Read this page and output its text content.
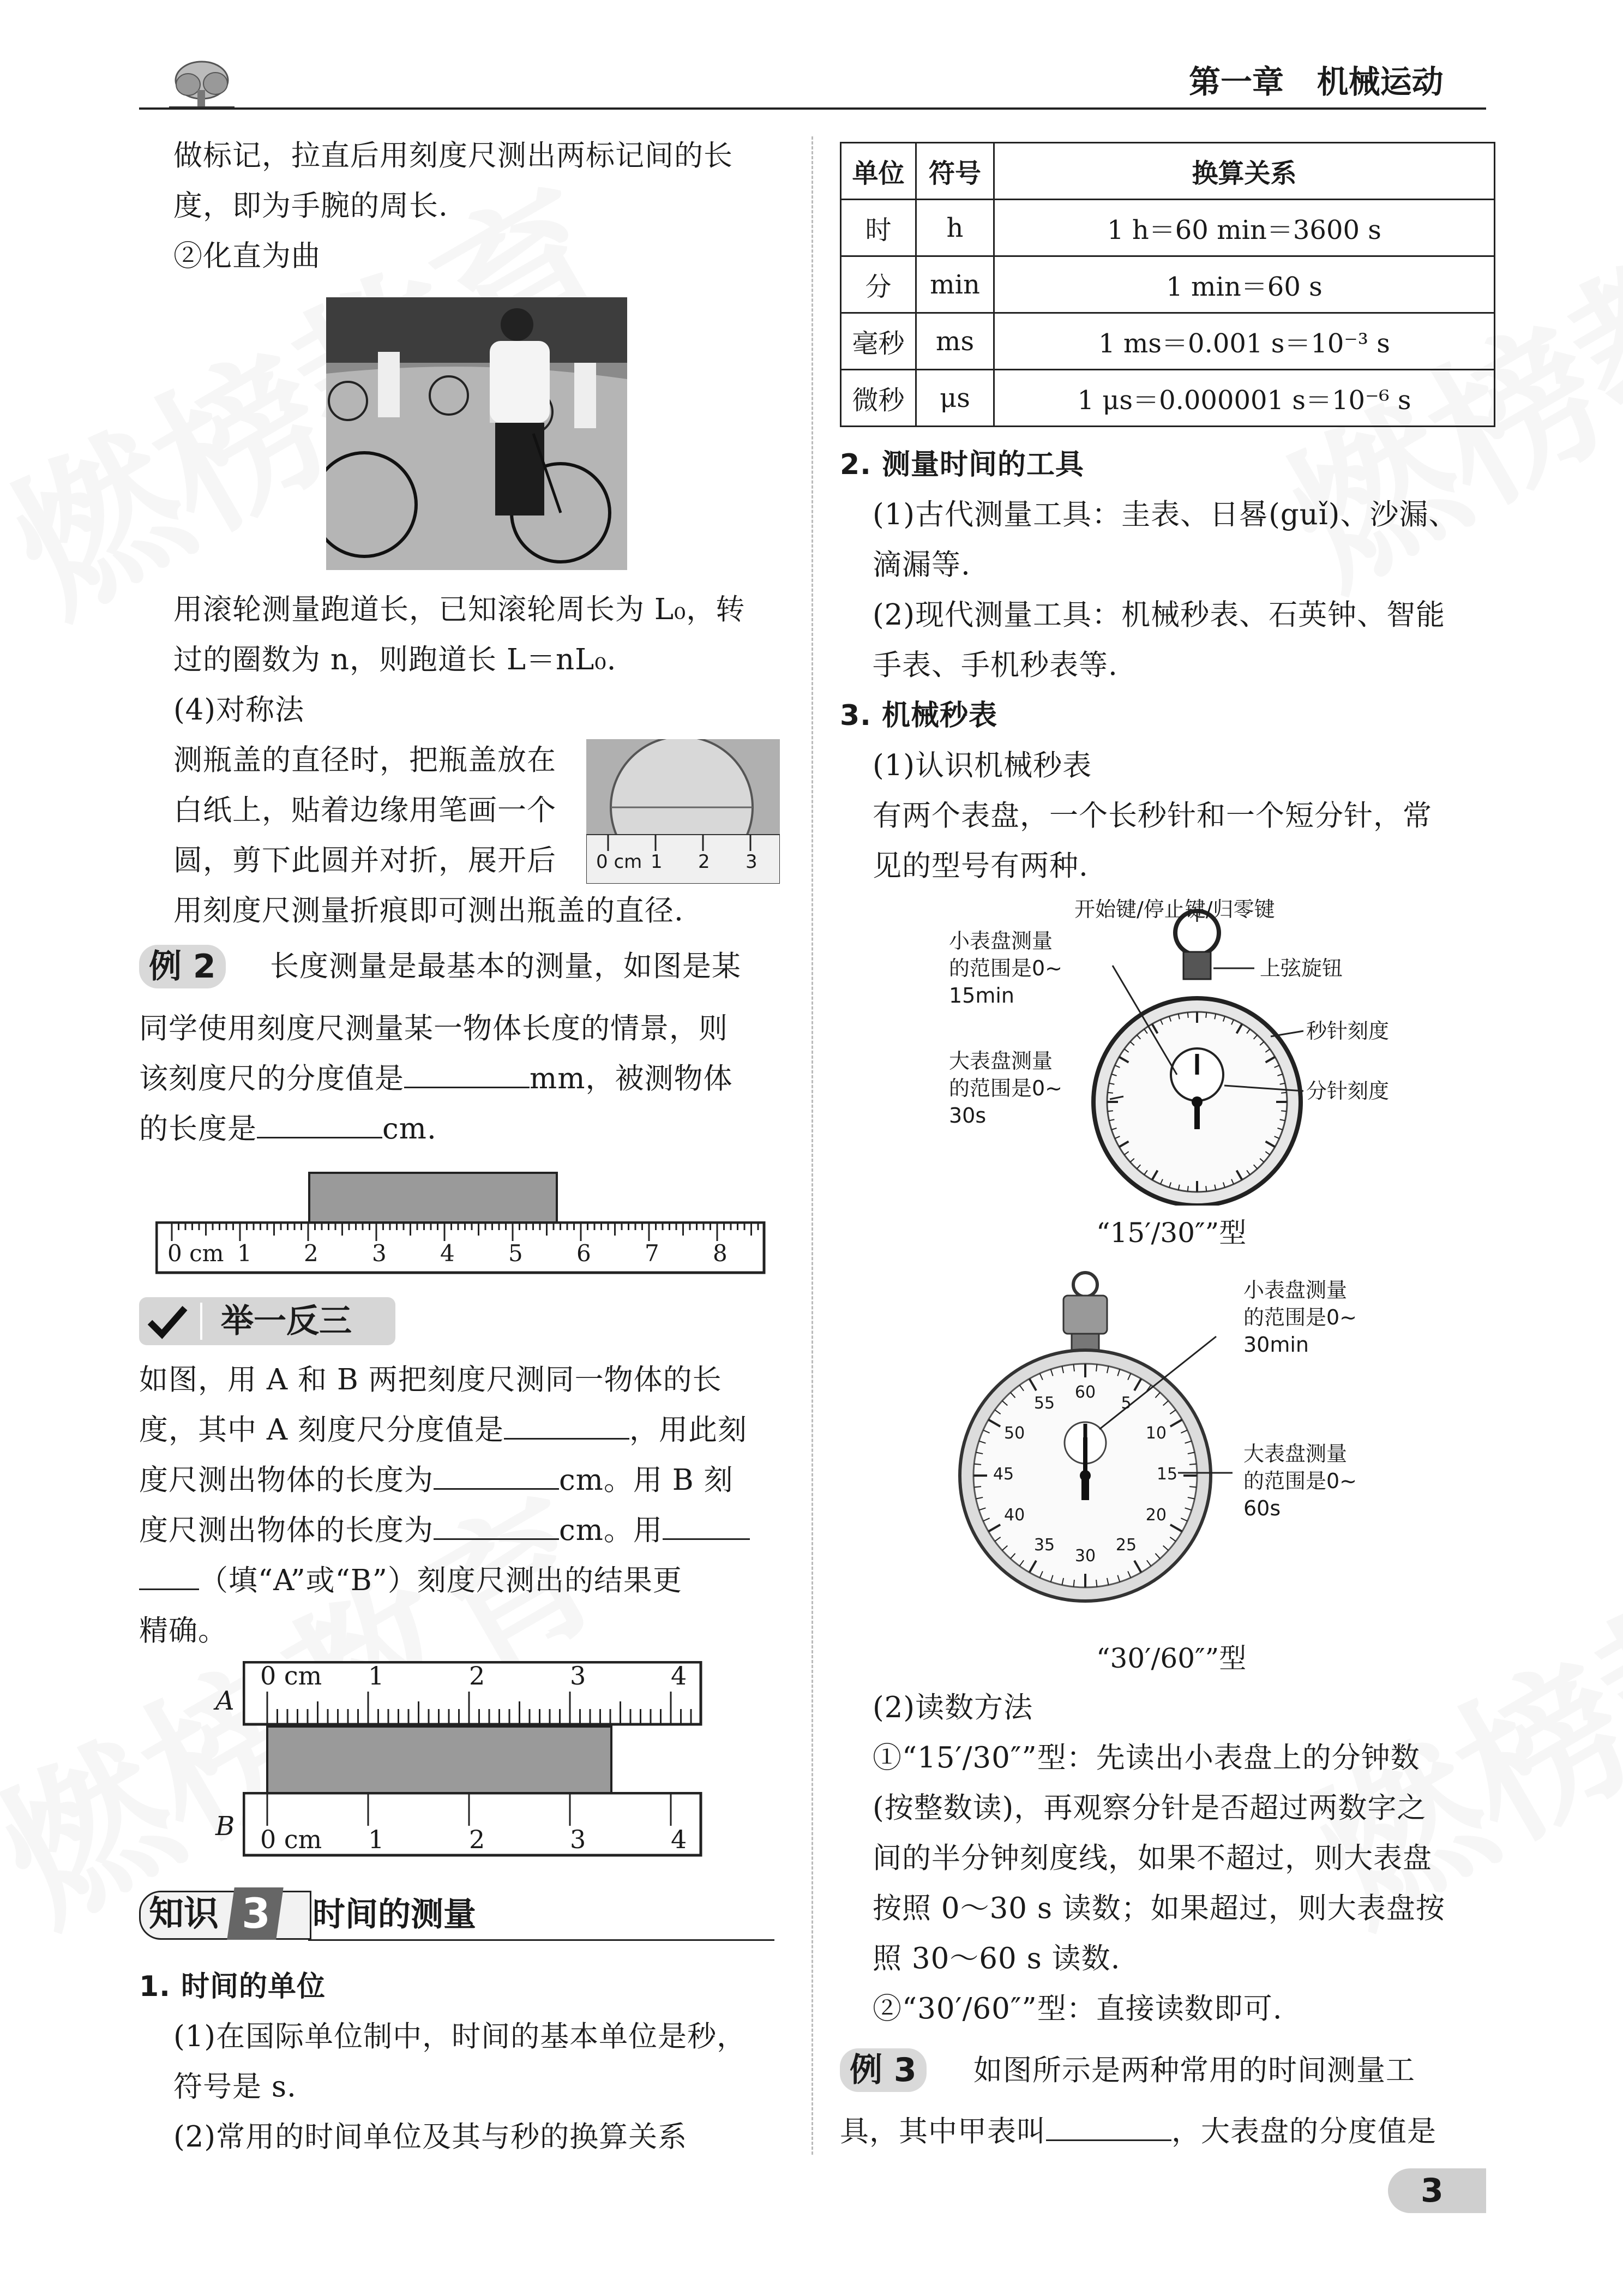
第一章 机械运动
做标记，拉直后用刻度尺测出两标记间的长
度，即为手腕的周长.
②化直为曲
用滚轮测量跑道长，已知滚轮周长为 L₀，转
过的圈数为 n，则跑道长 L＝nL₀.
(4)对称法
测瓶盖的直径时，把瓶盖放在
白纸上，贴着边缘用笔画一个
圆，剪下此圆并对折，展开后
用刻度尺测量折痕即可测出瓶盖的直径.
0 cm 1 2 3
例 2	长度测量是最基本的测量，如图是某
同学使用刻度尺测量某一物体长度的情景，则
该刻度尺的分度值是	mm，被测物体
的长度是	cm.
0 cm 1 2 3 4 5 6 7 8
举一反三
如图，用 A 和 B 两把刻度尺测同一物体的长
度，其中 A 刻度尺分度值是	，用此刻
度尺测出物体的长度为	cm。用 B 刻
度尺测出物体的长度为	cm。用
（填“A”或“B”）刻度尺测出的结果更
精确。
A
B
0 cm 1	2	3	4
0 cm 1	2	3	4
知识 3 时间的测量
1. 时间的单位
(1)在国际单位制中，时间的基本单位是秒，
符号是 s.
(2)常用的时间单位及其与秒的换算关系
单位	符号	换算关系
时	h	1 h＝60 min＝3600 s
分	min	1 min＝60 s
毫秒	ms	1 ms＝0.001 s＝10⁻³ s
微秒	μs	1 μs＝0.000001 s＝10⁻⁶ s
2. 测量时间的工具
(1)古代测量工具：圭表、日晷(guǐ)、沙漏、
滴漏等.
(2)现代测量工具：机械秒表、石英钟、智能
手表、手机秒表等.
3. 机械秒表
(1)认识机械秒表
有两个表盘，一个长秒针和一个短分针，常
见的型号有两种.
开始键/停止键/归零键
上弦旋钮
小表盘测量
的范围是0~
15min
大表盘测量
的范围是0~
30s
秒针刻度
分针刻度
“15′/30″”型
小表盘测量
的范围是0~
30min
大表盘测量
的范围是0~
60s
60
5
10
15
20
25
30
35
40
45
50
55
“30′/60″”型
(2)读数方法
①“15′/30″”型：先读出小表盘上的分钟数
(按整数读)，再观察分针是否超过两数字之
间的半分钟刻度线，如果不超过，则大表盘
按照 0～30 s 读数；如果超过，则大表盘按
照 30～60 s 读数.
②“30′/60″”型：直接读数即可.
例 3	如图所示是两种常用的时间测量工
具，其中甲表叫	，大表盘的分度值是
3
